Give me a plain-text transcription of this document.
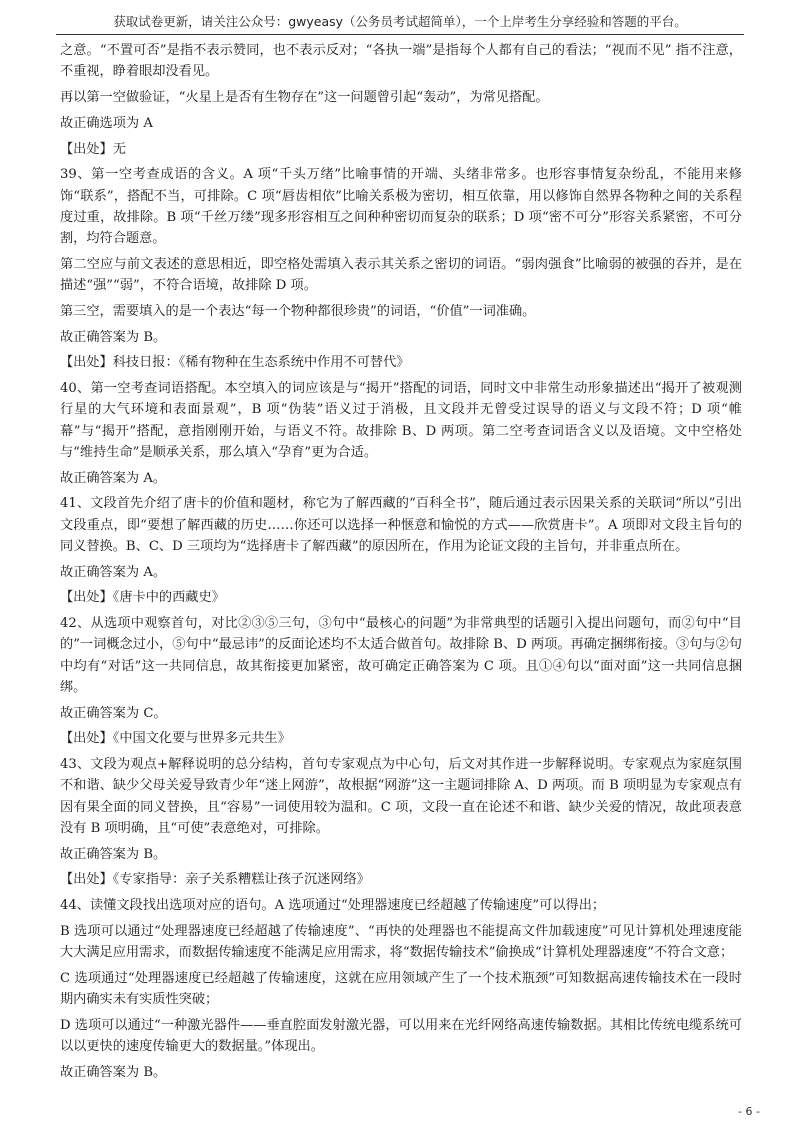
获取试卷更新，请关注公众号：gwyeasy（公务员考试超简单），一个上岸考生分享经验和答题的平台。

之意。“不置可否”是指不表示赞同，也不表示反对；“各执一端”是指每个人都有自己的看法；“视而不见” 指不注意，不重视，睁着眼却没看见。

再以第一空做验证，“火星上是否有生物存在”这一问题曾引起“轰动”，为常见搭配。

故正确选项为 A

【出处】无

39、第一空考查成语的含义。A 项“千头万绪”比喻事情的开端、头绪非常多。也形容事情复杂纷乱，不能用来修饰“联系”，搭配不当，可排除。C 项“唇齿相依”比喻关系极为密切，相互依靠，用以修饰自然界各物种之间的关系程度过重，故排除。B 项“千丝万缕”现多形容相互之间种种密切而复杂的联系；D 项“密不可分”形容关系紧密，不可分割，均符合题意。

第二空应与前文表述的意思相近，即空格处需填入表示其关系之密切的词语。“弱肉强食”比喻弱的被强的吞并，是在描述“强”“弱”，不符合语境，故排除 D 项。

第三空，需要填入的是一个表达“每一个物种都很珍贵”的词语，“价值”一词准确。

故正确答案为 B。

【出处】科技日报：《稀有物种在生态系统中作用不可替代》

40、第一空考查词语搭配。本空填入的词应该是与“揭开”搭配的词语，同时文中非常生动形象描述出“揭开了被观测行星的大气环境和表面景观”，B 项“伪装”语义过于消极，且文段并无曾受过误导的语义与文段不符；D 项“帷幕”与“揭开”搭配，意指刚刚开始，与语义不符。故排除 B、D 两项。第二空考查词语含义以及语境。文中空格处与“维持生命”是顺承关系，那么填入“孕育”更为合适。

故正确答案为 A。

41、文段首先介绍了唐卡的价值和题材，称它为了解西藏的“百科全书”，随后通过表示因果关系的关联词“所以”引出文段重点，即“要想了解西藏的历史……你还可以选择一种惬意和愉悦的方式——欣赏唐卡”。A 项即对文段主旨句的同义替换。B、C、D 三项均为“选择唐卡了解西藏”的原因所在，作用为论证文段的主旨句，并非重点所在。

故正确答案为 A。

【出处】《唐卡中的西藏史》

42、从选项中观察首句，对比②③⑤三句，③句中“最核心的问题”为非常典型的话题引入提出问题句，而②句中“目的”一词概念过小，⑤句中“最忌讳”的反面论述均不太适合做首句。故排除 B、D 两项。再确定捆绑衔接。③句与②句中均有“对话”这一共同信息，故其衔接更加紧密，故可确定正确答案为 C 项。且①④句以“面对面”这一共同信息捆绑。

故正确答案为 C。

【出处】《中国文化要与世界多元共生》

43、文段为观点+解释说明的总分结构，首句专家观点为中心句，后文对其作进一步解释说明。专家观点为家庭氛围不和谐、缺少父母关爱导致青少年“迷上网游”，故根据“网游”这一主题词排除 A、D 两项。而 B 项明显为专家观点有因有果全面的同义替换，且“容易”一词使用较为温和。C 项，文段一直在论述不和谐、缺少关爱的情况，故此项表意没有 B 项明确，且“可使”表意绝对，可排除。

故正确答案为 B。

【出处】《专家指导：亲子关系糟糕让孩子沉迷网络》

44、读懂文段找出选项对应的语句。A 选项通过“处理器速度已经超越了传输速度”可以得出；

B 选项可以通过“处理器速度已经超越了传输速度”、“再快的处理器也不能提高文件加载速度”可见计算机处理速度能大大满足应用需求，而数据传输速度不能满足应用需求，将“数据传输技术”偷换成“计算机处理器速度”不符合文意；

C 选项通过“处理器速度已经超越了传输速度，这就在应用领域产生了一个技术瓶颈”可知数据高速传输技术在一段时期内确实未有实质性突破；

D 选项可以通过“一种激光器件——垂直腔面发射激光器，可以用来在光纤网络高速传输数据。其相比传统电缆系统可以以更快的速度传输更大的数据量。”体现出。

故正确答案为 B。

- 6 -
